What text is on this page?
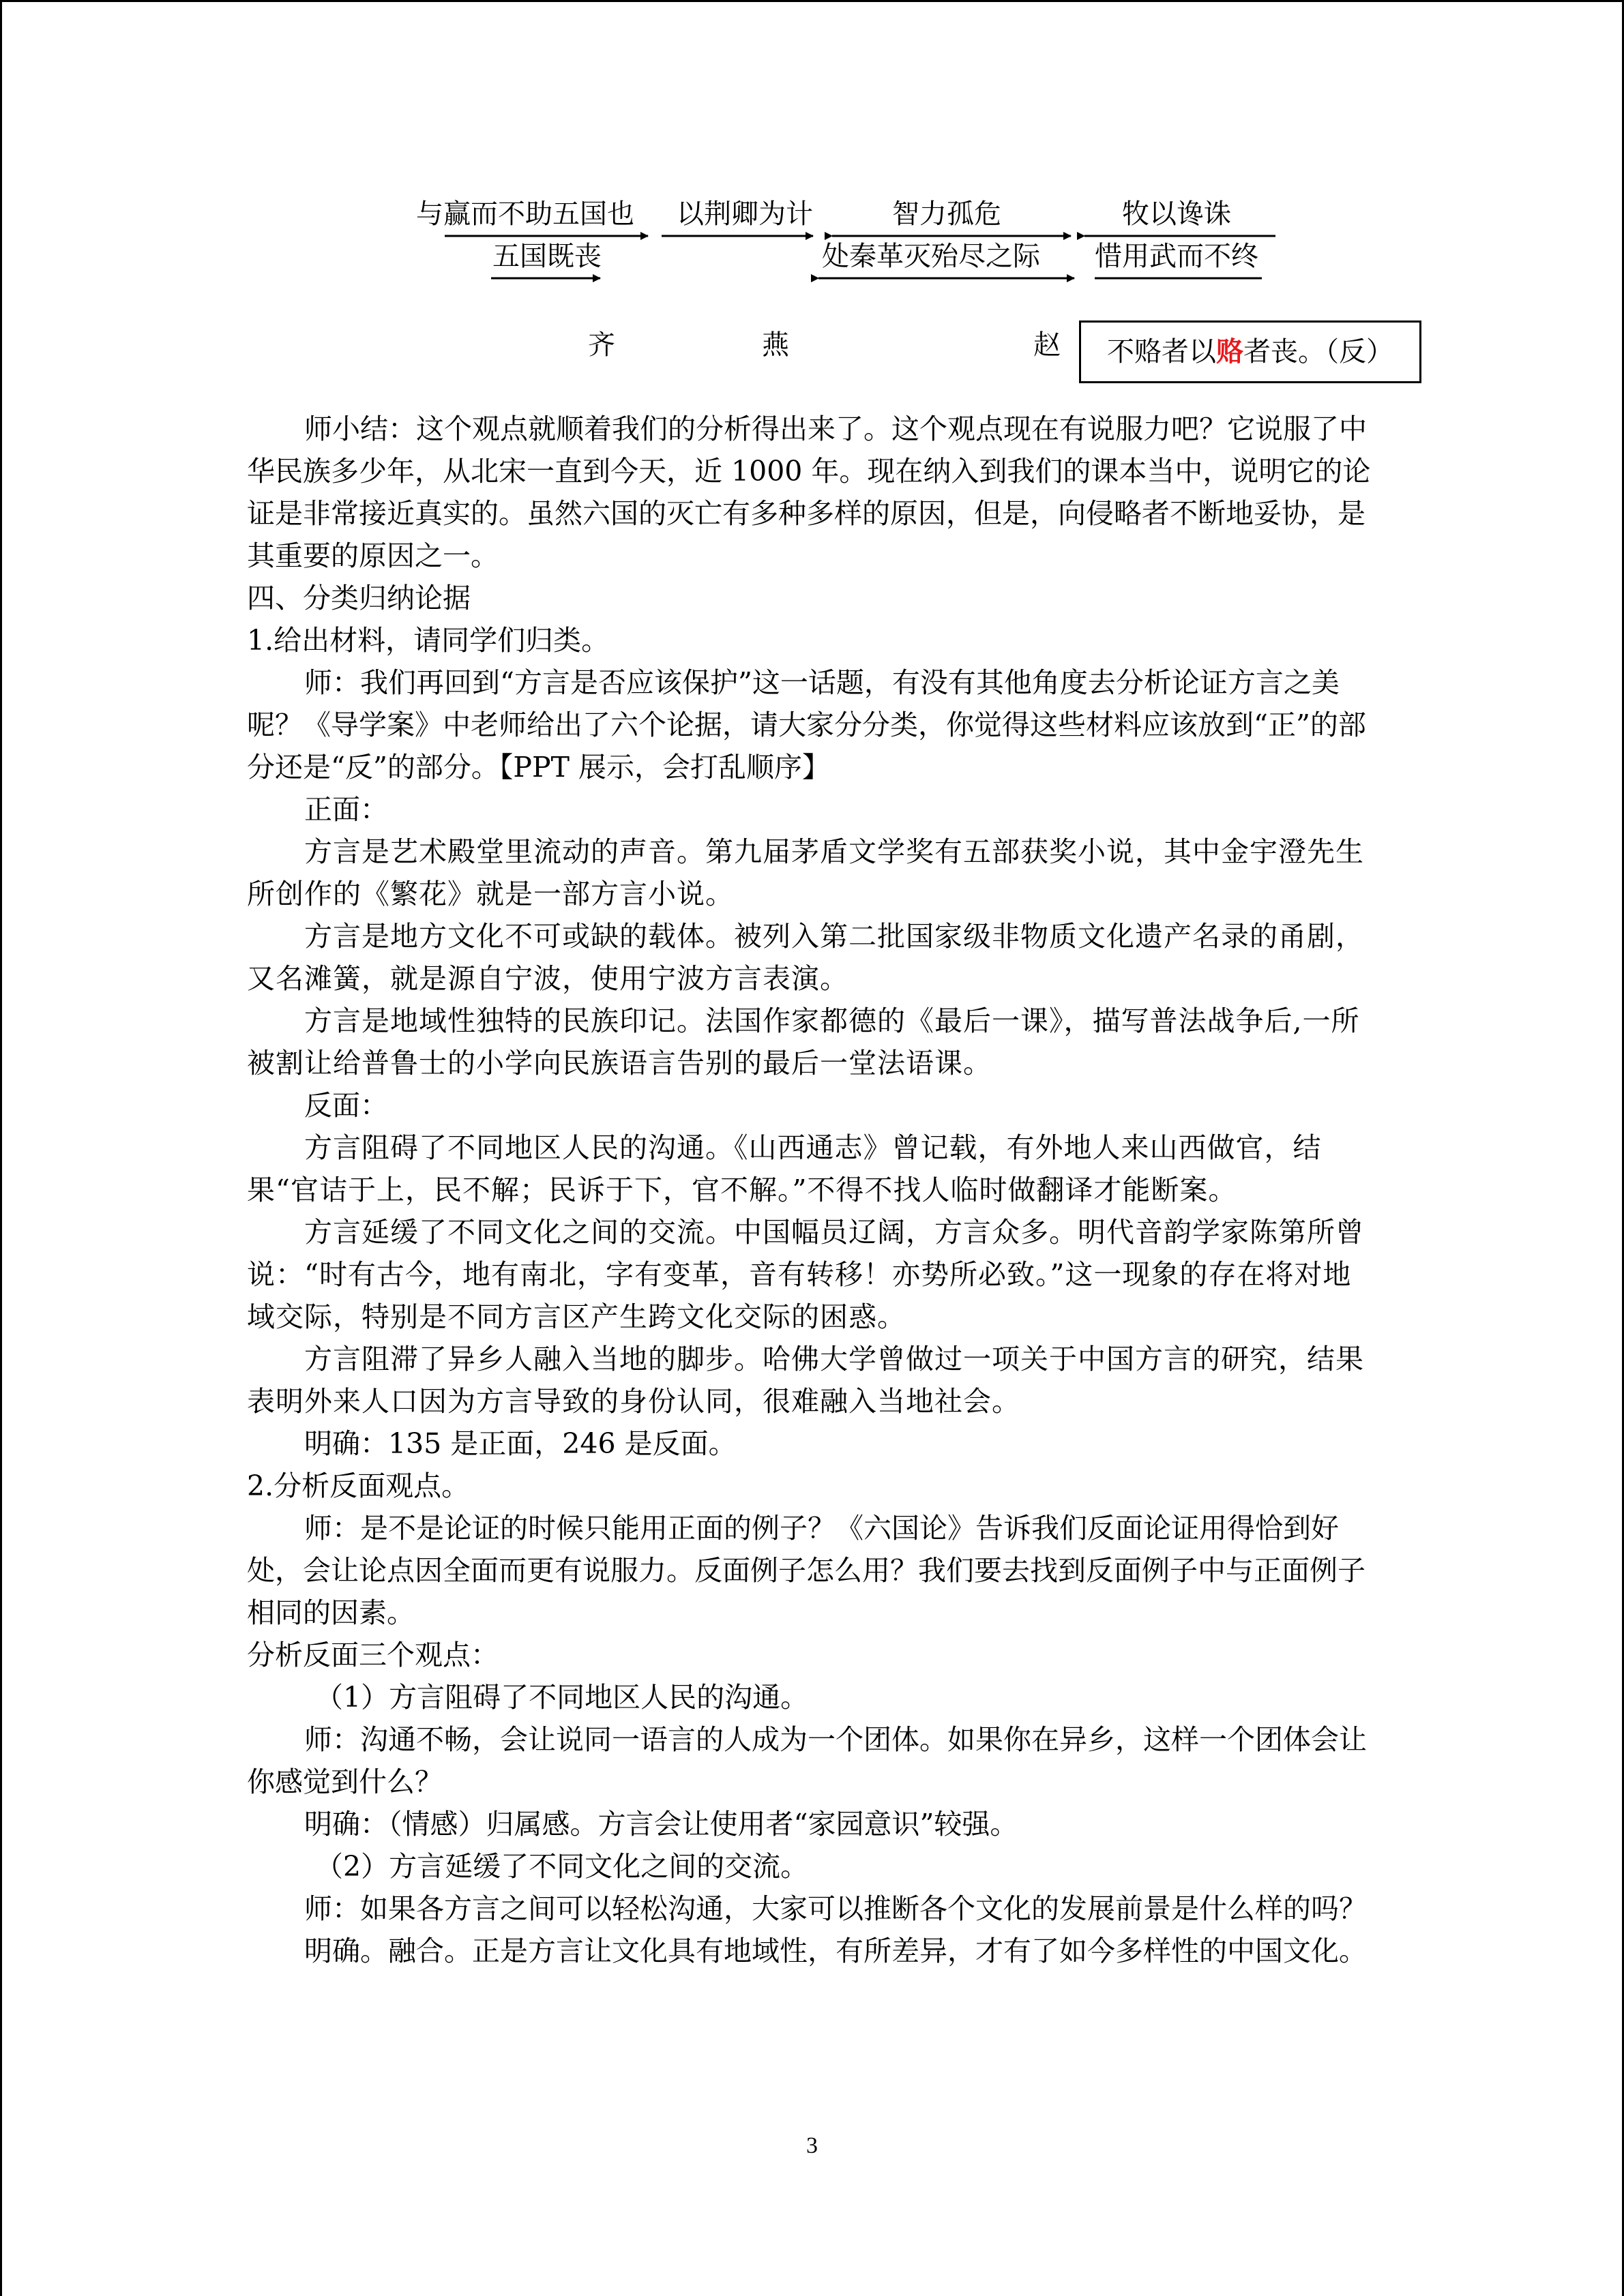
与赢而不助五国也 以荆卿为计	智力孤危	牧以谗诛
五国既丧	处秦革灭殆尽之际 惜用武而不终
齐	燕	赵	不赂者以赂者丧。（反）

师小结：这个观点就顺着我们的分析得出来了。这个观点现在有说服力吧？它说服了中华民族多少年，从北宋一直到今天，近 1000 年。现在纳入到我们的课本当中，说明它的论证是非常接近真实的。虽然六国的灭亡有多种多样的原因，但是，向侵略者不断地妥协，是其重要的原因之一。

四、分类归纳论据

1.给出材料，请同学们归类。

师：我们再回到“方言是否应该保护”这一话题，有没有其他角度去分析论证方言之美呢？《导学案》中老师给出了六个论据，请大家分分类，你觉得这些材料应该放到“正”的部分还是“反”的部分。【PPT 展示，会打乱顺序】

正面：

方言是艺术殿堂里流动的声音。第九届茅盾文学奖有五部获奖小说，其中金宇澄先生所创作的《繁花》就是一部方言小说。

方言是地方文化不可或缺的载体。被列入第二批国家级非物质文化遗产名录的甬剧，又名滩簧，就是源自宁波，使用宁波方言表演。

方言是地域性独特的民族印记。法国作家都德的《最后一课》，描写普法战争后,一所被割让给普鲁士的小学向民族语言告别的最后一堂法语课。

反面：

方言阻碍了不同地区人民的沟通。《山西通志》曾记载，有外地人来山西做官，结果“官诘于上，民不解；民诉于下，官不解。”不得不找人临时做翻译才能断案。

方言延缓了不同文化之间的交流。中国幅员辽阔，方言众多。明代音韵学家陈第所曾说：“时有古今，地有南北，字有变革，音有转移！亦势所必致。”这一现象的存在将对地域交际，特别是不同方言区产生跨文化交际的困惑。

方言阻滞了异乡人融入当地的脚步。哈佛大学曾做过一项关于中国方言的研究，结果表明外来人口因为方言导致的身份认同，很难融入当地社会。

明确：135 是正面，246 是反面。

2.分析反面观点。

师：是不是论证的时候只能用正面的例子？《六国论》告诉我们反面论证用得恰到好处，会让论点因全面而更有说服力。反面例子怎么用？我们要去找到反面例子中与正面例子相同的因素。

分析反面三个观点：

（1）方言阻碍了不同地区人民的沟通。

师：沟通不畅，会让说同一语言的人成为一个团体。如果你在异乡，这样一个团体会让你感觉到什么？

明确：（情感）归属感。方言会让使用者“家园意识”较强。

（2）方言延缓了不同文化之间的交流。

师：如果各方言之间可以轻松沟通，大家可以推断各个文化的发展前景是什么样的吗？

明确。融合。正是方言让文化具有地域性，有所差异，才有了如今多样性的中国文化。

3
